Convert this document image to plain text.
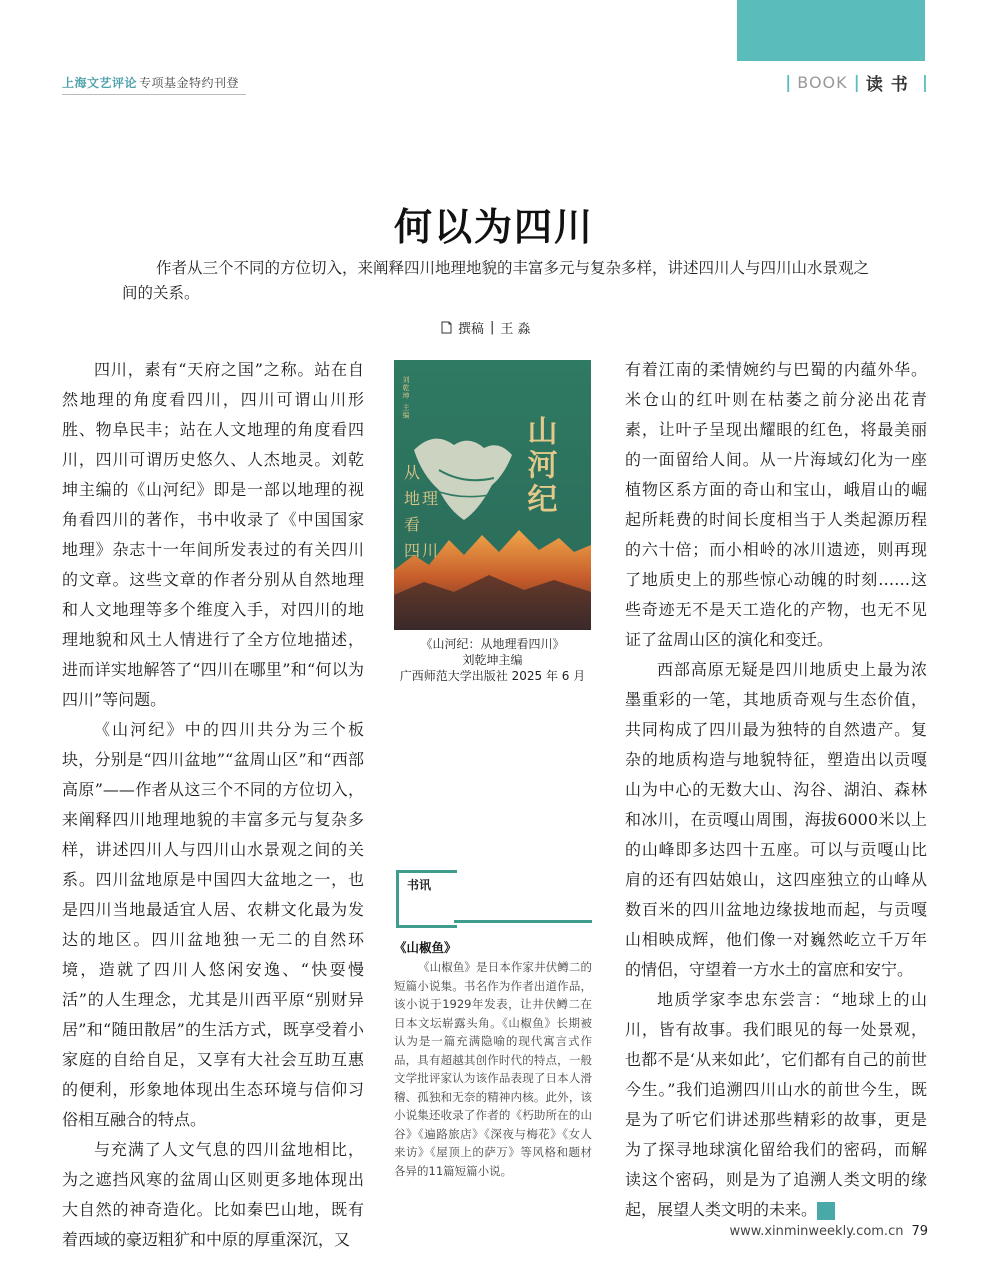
上海文艺评论 专项基金特约刊登	| BOOK | 读书 |
何以为四川
作者从三个不同的方位切入，来阐释四川地理地貌的丰富多元与复杂多样，讲述四川人与四川山水景观之间的关系。
撰稿 | 王 淼

四川，素有“天府之国”之称。站在自然地理的角度看四川，四川可谓山川形胜、物阜民丰；站在人文地理的角度看四川，四川可谓历史悠久、人杰地灵。刘乾坤主编的《山河纪》即是一部以地理的视角看四川的著作，书中收录了《中国国家地理》杂志十一年间所发表过的有关四川的文章。这些文章的作者分别从自然地理和人文地理等多个维度入手，对四川的地理地貌和风土人情进行了全方位地描述，进而详实地解答了“四川在哪里”和“何以为四川”等问题。

《山河纪》中的四川共分为三个板块，分别是“四川盆地”“盆周山区”和“西部高原”——作者从这三个不同的方位切入，来阐释四川地理地貌的丰富多元与复杂多样，讲述四川人与四川山水景观之间的关系。四川盆地原是中国四大盆地之一，也是四川当地最适宜人居、农耕文化最为发达的地区。四川盆地独一无二的自然环境，造就了四川人悠闲安逸、“快耍慢活”的人生理念，尤其是川西平原“别财异居”和“随田散居”的生活方式，既享受着小家庭的自给自足，又享有大社会互助互惠的便利，形象地体现出生态环境与信仰习俗相互融合的特点。

与充满了人文气息的四川盆地相比，为之遮挡风寒的盆周山区则更多地体现出大自然的神奇造化。比如秦巴山地，既有着西域的豪迈粗犷和中原的厚重深沉，又

山河纪
刘乾坤 主编
从
地 理
看
四 川
《山河纪：从地理看四川》
刘乾坤主编
广西师范大学出版社 2025 年 6 月
书讯
《山椒鱼》

《山椒鱼》是日本作家井伏鳟二的短篇小说集。书名作为作者出道作品，该小说于1929年发表，让井伏鳟二在日本文坛崭露头角。《山椒鱼》长期被认为是一篇充满隐喻的现代寓言式作品，具有超越其创作时代的特点，一般文学批评家认为该作品表现了日本人滑稽、孤独和无奈的精神内核。此外，该小说集还收录了作者的《朽助所在的山谷》《遍路旅店》《深夜与梅花》《女人来访》《屋顶上的萨万》等风格和题材各异的11篇短篇小说。

有着江南的柔情婉约与巴蜀的内蕴外华。米仓山的红叶则在枯萎之前分泌出花青素，让叶子呈现出耀眼的红色，将最美丽的一面留给人间。从一片海域幻化为一座植物区系方面的奇山和宝山，峨眉山的崛起所耗费的时间长度相当于人类起源历程的六十倍；而小相岭的冰川遗迹，则再现了地质史上的那些惊心动魄的时刻……这些奇迹无不是天工造化的产物，也无不见证了盆周山区的演化和变迁。

西部高原无疑是四川地质史上最为浓墨重彩的一笔，其地质奇观与生态价值，共同构成了四川最为独特的自然遗产。复杂的地质构造与地貌特征，塑造出以贡嘎山为中心的无数大山、沟谷、湖泊、森林和冰川，在贡嘎山周围，海拔6000米以上的山峰即多达四十五座。可以与贡嘎山比肩的还有四姑娘山，这四座独立的山峰从数百米的四川盆地边缘拔地而起，与贡嘎山相映成辉，他们像一对巍然屹立千万年的情侣，守望着一方水土的富庶和安宁。

地质学家李忠东尝言：“地球上的山川，皆有故事。我们眼见的每一处景观，也都不是‘从来如此’，它们都有自己的前世今生。”我们追溯四川山水的前世今生，既是为了听它们讲述那些精彩的故事，更是为了探寻地球演化留给我们的密码，而解读这个密码，则是为了追溯人类文明的缘起，展望人类文明的未来。 民

www.xinminweekly.com.cn 79
